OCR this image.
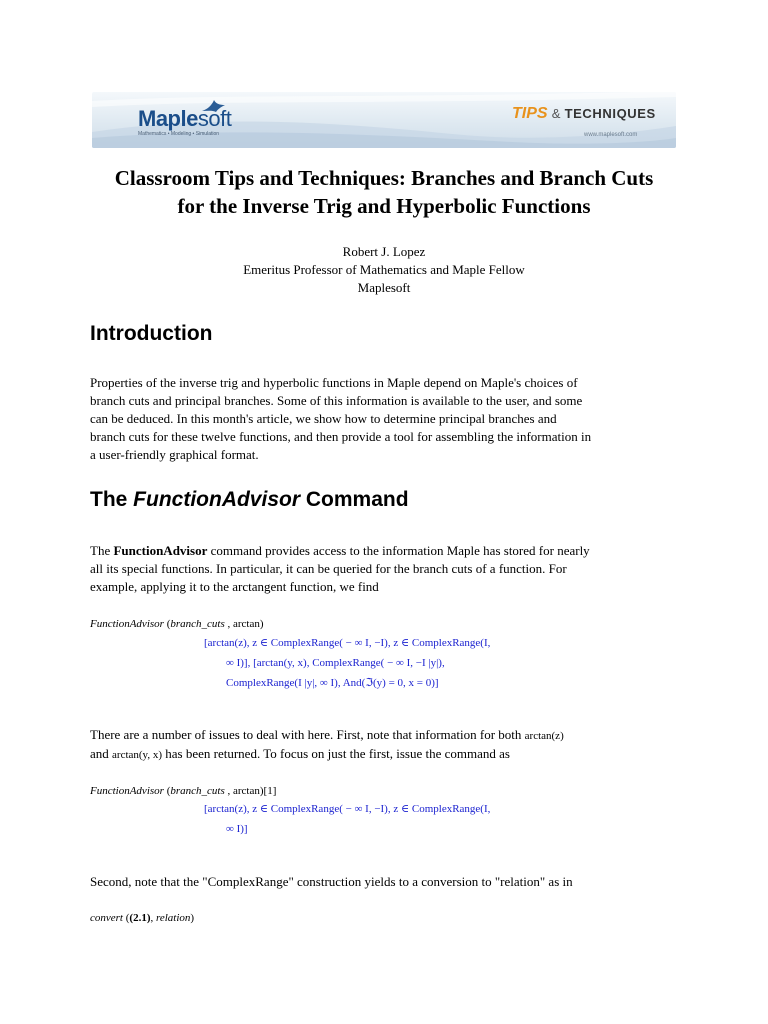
Maplesoft
Mathematics • Modeling • Simulation
TIPS & TECHNIQUES
www.maplesoft.com
Classroom Tips and Techniques: Branches and Branch Cuts
for the Inverse Trig and Hyperbolic Functions
Robert J. Lopez
Emeritus Professor of Mathematics and Maple Fellow
Maplesoft
Introduction
Properties of the inverse trig and hyperbolic functions in Maple depend on Maple's choices of
branch cuts and principal branches. Some of this information is available to the user, and some
can be deduced. In this month's article, we show how to determine principal branches and
branch cuts for these twelve functions, and then provide a tool for assembling the information in
a user-friendly graphical format.
The FunctionAdvisor Command
The FunctionAdvisor command provides access to the information Maple has stored for nearly
all its special functions. In particular, it can be queried for the branch cuts of a function. For
example, applying it to the arctangent function, we find
FunctionAdvisor (branch_cuts , arctan)
[arctan(z), z ∈ ComplexRange( − ∞ I, −I), z ∈ ComplexRange(I,
∞ I)], [arctan(y, x), ComplexRange( − ∞ I, −I |y|),
ComplexRange(I |y|, ∞ I), And(ℑ(y) = 0, x = 0)]
There are a number of issues to deal with here. First, note that information for both arctan(z)
and arctan(y, x) has been returned. To focus on just the first, issue the command as
FunctionAdvisor (branch_cuts , arctan)[1]
[arctan(z), z ∈ ComplexRange( − ∞ I, −I), z ∈ ComplexRange(I,
∞ I)]
Second, note that the "ComplexRange" construction yields to a conversion to "relation" as in
convert ((2.1), relation)
